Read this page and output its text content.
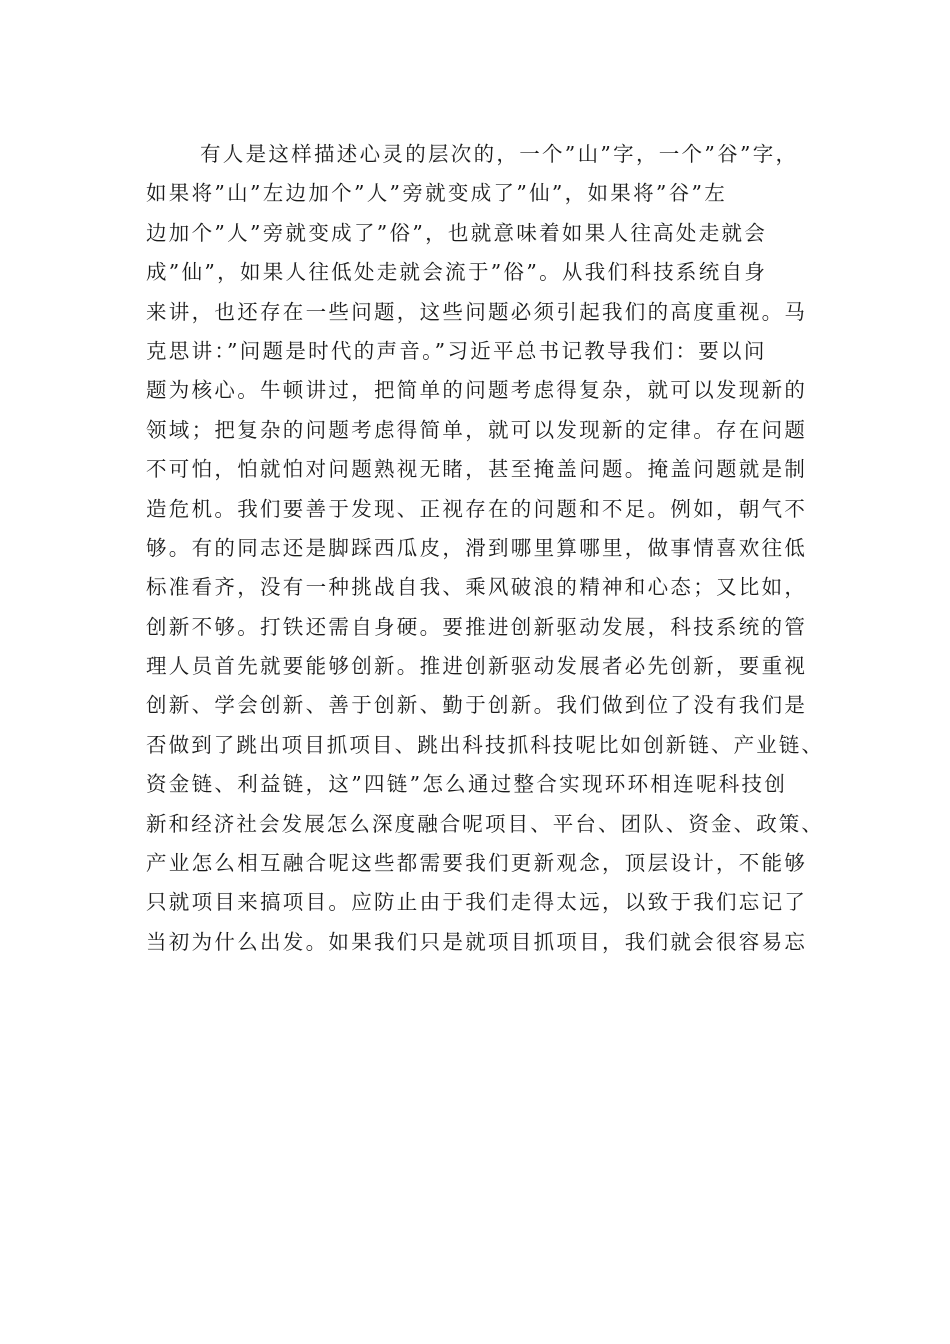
有人是这样描述心灵的层次的，一个”山”字，一个”谷”字，
如果将”山”左边加个”人”旁就变成了”仙”，如果将”谷”左
边加个”人”旁就变成了”俗”，也就意味着如果人往高处走就会
成”仙”，如果人往低处走就会流于”俗”。从我们科技系统自身
来讲，也还存在一些问题，这些问题必须引起我们的高度重视。马
克思讲：”问题是时代的声音。”习近平总书记教导我们：要以问
题为核心。牛顿讲过，把简单的问题考虑得复杂，就可以发现新的
领域；把复杂的问题考虑得简单，就可以发现新的定律。存在问题
不可怕，怕就怕对问题熟视无睹，甚至掩盖问题。掩盖问题就是制
造危机。我们要善于发现、正视存在的问题和不足。例如，朝气不
够。有的同志还是脚踩西瓜皮，滑到哪里算哪里，做事情喜欢往低
标准看齐，没有一种挑战自我、乘风破浪的精神和心态；又比如，
创新不够。打铁还需自身硬。要推进创新驱动发展，科技系统的管
理人员首先就要能够创新。推进创新驱动发展者必先创新，要重视
创新、学会创新、善于创新、勤于创新。我们做到位了没有我们是
否做到了跳出项目抓项目、跳出科技抓科技呢比如创新链、产业链、
资金链、利益链，这”四链”怎么通过整合实现环环相连呢科技创
新和经济社会发展怎么深度融合呢项目、平台、团队、资金、政策、
产业怎么相互融合呢这些都需要我们更新观念，顶层设计，不能够
只就项目来搞项目。应防止由于我们走得太远，以致于我们忘记了
当初为什么出发。如果我们只是就项目抓项目，我们就会很容易忘
